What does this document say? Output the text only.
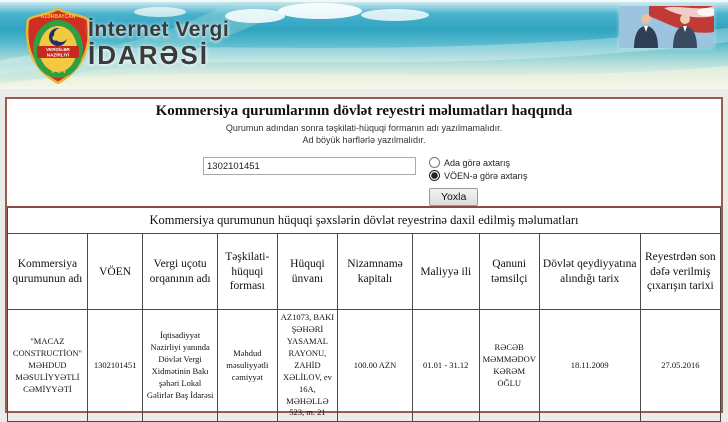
AZƏRBAYCAN
VERGİLƏR
NAZİRLİYİ
VN
İnternet Vergi
İDARƏSİ
Kommersiya qurumlarının dövlət reyestri məlumatları haqqında
Qurumun adından sonra təşkilati-hüquqi formanın adı yazılmamalıdır.
Ad böyük hərflərlə yazılmalıdır.
1302101451
Ada görə axtarış
VÖEN-ə görə axtarış
Yoxla
Kommersiya qurumunun hüquqi şəxslərin dövlət reyestrinə daxil edilmiş məlumatları									
Kommersiya qurumunun adı	VÖEN	Vergi uçotu orqanının adı	Təşkilati-hüquqi forması	Hüquqi ünvanı	Nizamnamə kapitalı	Maliyyə ili	Qanuni təmsilçi	Dövlət qeydiyyatına alındığı tarix	Reyestrdən son dəfə verilmiş çıxarışın tarixi
"MACAZ CONSTRUCTİON" MƏHDUD MƏSULİYYƏTLİ CƏMİYYƏTİ	1302101451	İqtisadiyyat Nazirliyi yanında Dövlət Vergi Xidmətinin Bakı şəhəri Lokal Gəlirlər Baş İdarəsi	Məhdud məsuliyyətli cəmiyyət	AZ1073, BAKI ŞƏHƏRİ YASAMAL RAYONU, ZAHİD XƏLİLOV, ev 16A, MƏHƏLLƏ 523, m. 21	100.00 AZN	01.01 - 31.12	RƏCƏB MƏMMƏDOV KƏRƏM OĞLU	18.11.2009	27.05.2016
